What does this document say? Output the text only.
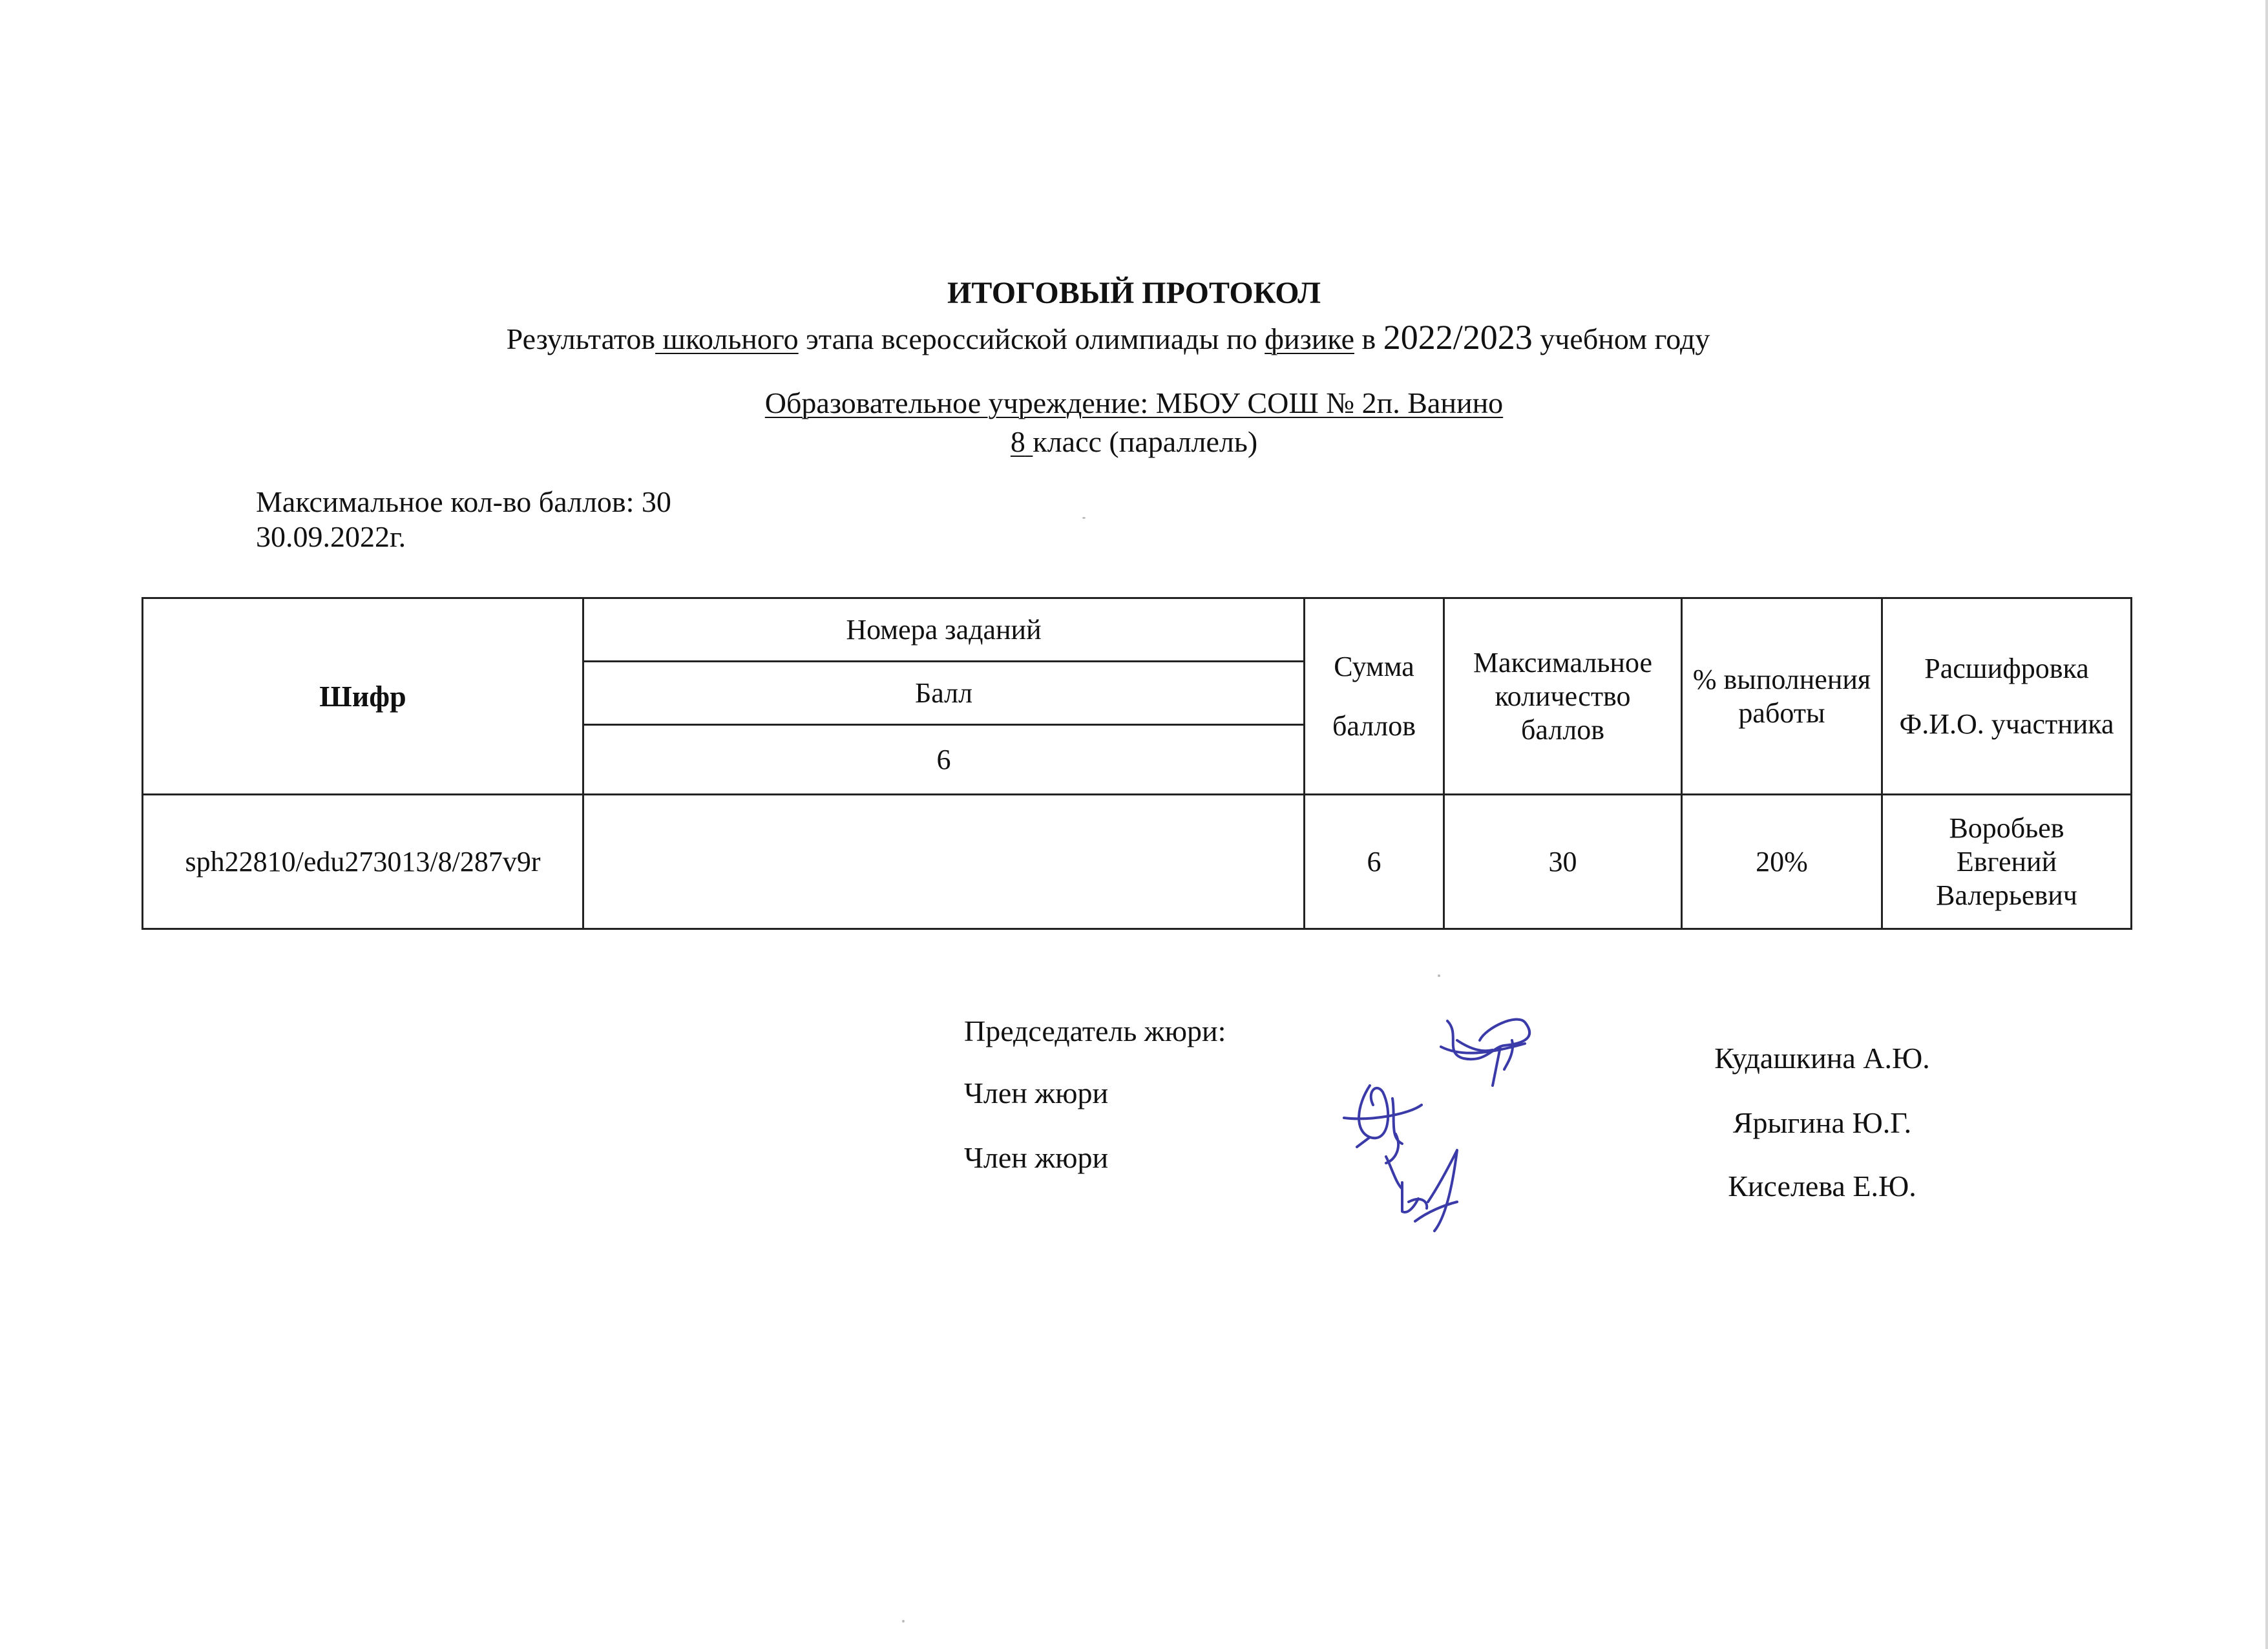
ИТОГОВЫЙ ПРОТОКОЛ
Результатов школьного этапа всероссийской олимпиады по физике в 2022/2023 учебном году
Образовательное учреждение: МБОУ СОШ № 2п. Ванино
8 класс (параллель)
Максимальное кол-во баллов: 30
30.09.2022г.
Шифр	Номера заданий	Сумма баллов	Максимальное количество баллов	% выполнения работы	Расшифровка
Ф.И.О. участника

	Балл				
	6				
sph22810/edu273013/8/287v9r		6	30	20%	Воробьев
Евгений
Валерьевич
Председатель жюри:
Член жюри
Член жюри
Кудашкина А.Ю.
Ярыгина Ю.Г.
Киселева Е.Ю.
